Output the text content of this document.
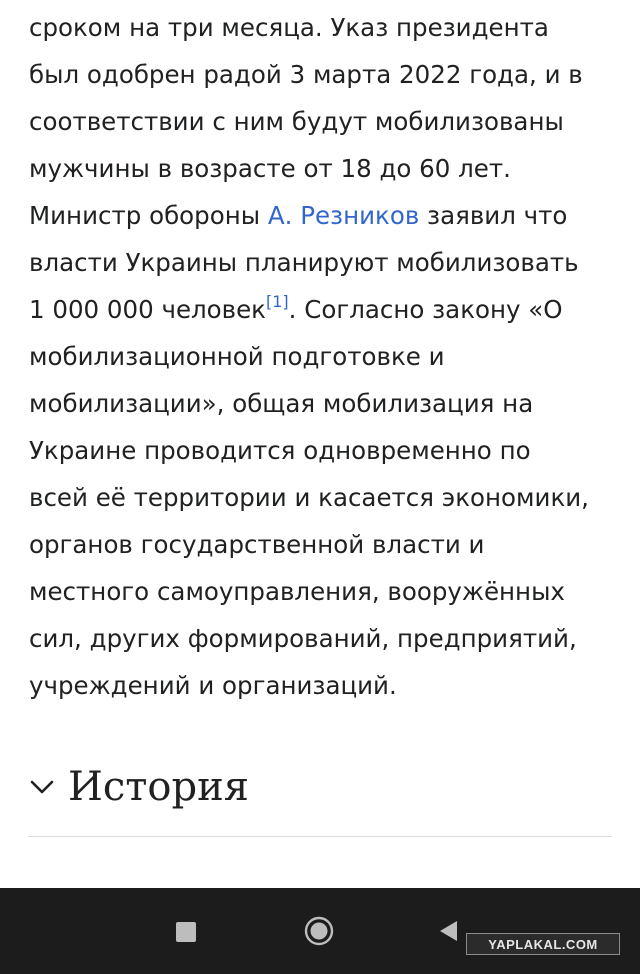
сроком на три месяца. Указ президента
был одобрен радой 3 марта 2022 года, и в
соответствии с ним будут мобилизованы
мужчины в возрасте от 18 до 60 лет.
Министр обороны А. Резников заявил что
власти Украины планируют мобилизовать
1 000 000 человек[1]. Согласно закону «О
мобилизационной подготовке и
мобилизации», общая мобилизация на
Украине проводится одновременно по
всей её территории и касается экономики,
органов государственной власти и
местного самоуправления, вооружённых
сил, других формирований, предприятий,
учреждений и организаций.
История
YAPLAKAL.COM
